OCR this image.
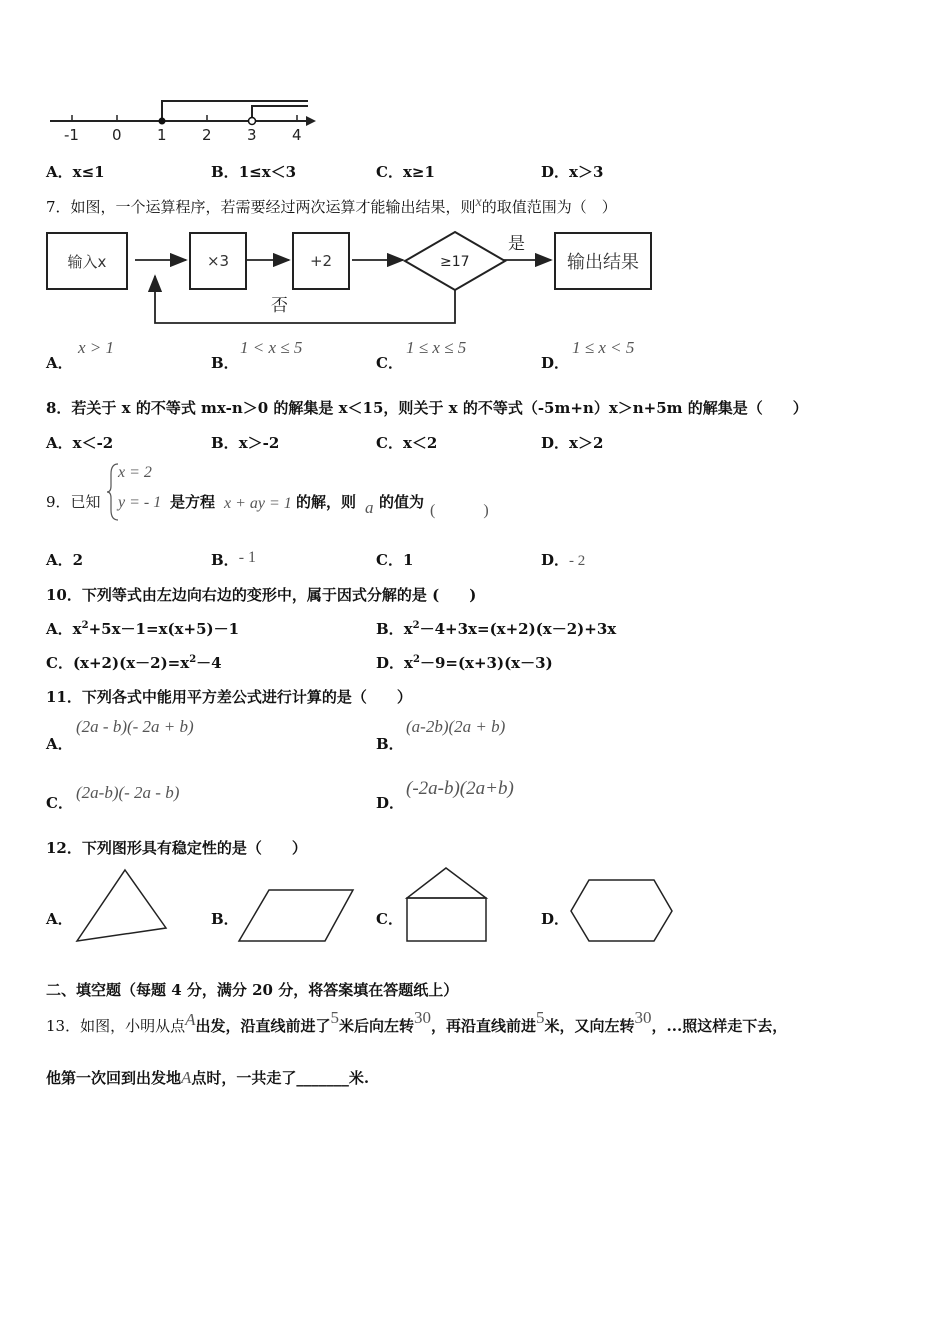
-1 0 1 2 3 4
A．x≤1	B．1≤x＜3	C．x≥1	D．x＞3
7．如图，一个运算程序，若需要经过两次运算才能输出结果，则x的取值范围为（　）
输入x	×3	+2	输出结果
≥17
是
否
A．
x > 1
B．
1 < x ≤ 5
C．
1 ≤ x ≤ 5
D．
1 ≤ x < 5
8．若关于 x 的不等式 mx-n＞0 的解集是 x＜15，则关于 x 的不等式（-5m+n）x＞n+5m 的解集是（　　）
A．x＜-2	B．x＞-2	C．x＜2	D．x＞2
9．已知
x = 2
y = - 1 是方程 x + ay = 1 的解，则 a 的值为 (　　　)
A．2	B．- 1	C．1	D．- 2
10．下列等式由左边向右边的变形中，属于因式分解的是 (　　)
A．$x^2+5x-1=x(x+5)-1$	B．$x^2-4+3x=(x+2)(x-2)+3x$
C．$(x+2)(x-2)=x^2-4$	D．$x^2-9=(x+3)(x-3)$
11．下列各式中能用平方差公式进行计算的是（　　）
A．
(2a - b)(- 2a + b)
B．
(a-2b)(2a + b)
C．
(2a-b)(- 2a - b)
D．
(-2a-b)(2a+b)
12．下列图形具有稳定性的是（　　）
A．	B．	C．	D．
二、填空题（每题 4 分，满分 20 分，将答案填在答题纸上）
13．如图，小明从点A出发，沿直线前进了5米后向左转30，再沿直线前进5米，又向左转30，...照这样走下去，
他第一次回到出发地A点时，一共走了_______米.
